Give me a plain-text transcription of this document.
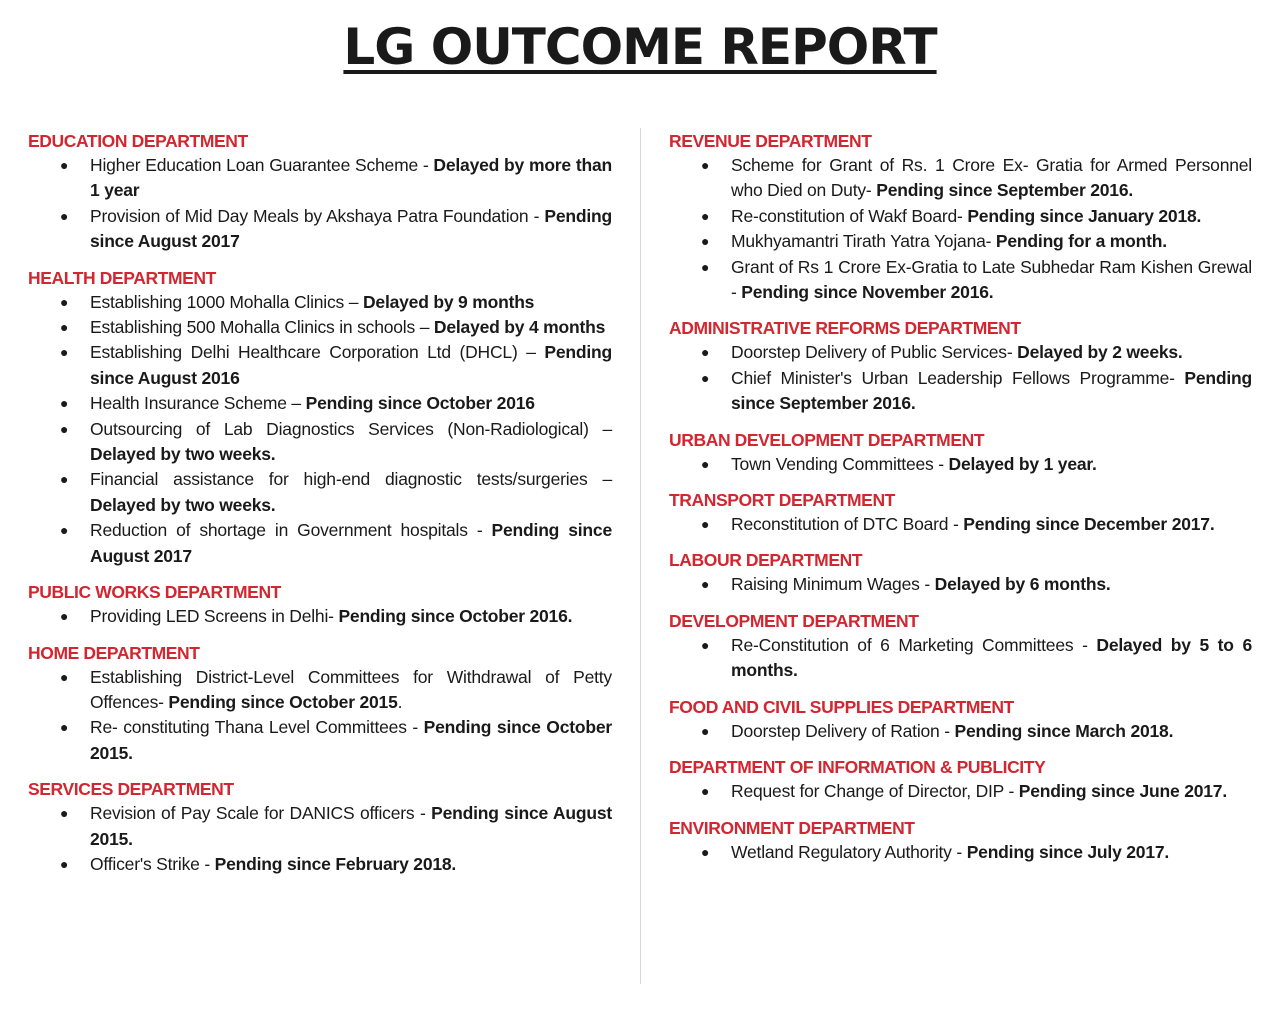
LG OUTCOME REPORT
EDUCATION DEPARTMENT
● Higher Education Loan Guarantee Scheme - Delayed by more than 1 year
● Provision of Mid Day Meals by Akshaya Patra Foundation - Pending since August 2017
HEALTH DEPARTMENT
● Establishing 1000 Mohalla Clinics – Delayed by 9 months
● Establishing 500 Mohalla Clinics in schools – Delayed by 4 months
● Establishing Delhi Healthcare Corporation Ltd (DHCL) – Pending since August 2016
● Health Insurance Scheme – Pending since October 2016
● Outsourcing of Lab Diagnostics Services (Non-Radiological) – Delayed by two weeks.
● Financial assistance for high-end diagnostic tests/surgeries – Delayed by two weeks.
● Reduction of shortage in Government hospitals - Pending since August 2017
PUBLIC WORKS DEPARTMENT
● Providing LED Screens in Delhi- Pending since October 2016.
HOME DEPARTMENT
● Establishing District-Level Committees for Withdrawal of Petty Offences- Pending since October 2015.
● Re- constituting Thana Level Committees - Pending since October 2015.
SERVICES DEPARTMENT
● Revision of Pay Scale for DANICS officers - Pending since August 2015.
● Officer's Strike - Pending since February 2018.
REVENUE DEPARTMENT
● Scheme for Grant of Rs. 1 Crore Ex- Gratia for Armed Personnel who Died on Duty- Pending since September 2016.
● Re-constitution of Wakf Board- Pending since January 2018.
● Mukhyamantri Tirath Yatra Yojana- Pending for a month.
● Grant of Rs 1 Crore Ex-Gratia to Late Subhedar Ram Kishen Grewal - Pending since November 2016.
ADMINISTRATIVE REFORMS DEPARTMENT
● Doorstep Delivery of Public Services- Delayed by 2 weeks.
● Chief Minister's Urban Leadership Fellows Programme- Pending since September 2016.
URBAN DEVELOPMENT DEPARTMENT
● Town Vending Committees - Delayed by 1 year.
TRANSPORT DEPARTMENT
● Reconstitution of DTC Board - Pending since December 2017.
LABOUR DEPARTMENT
● Raising Minimum Wages - Delayed by 6 months.
DEVELOPMENT DEPARTMENT
● Re-Constitution of 6 Marketing Committees - Delayed by 5 to 6 months.
FOOD AND CIVIL SUPPLIES DEPARTMENT
● Doorstep Delivery of Ration - Pending since March 2018.
DEPARTMENT OF INFORMATION & PUBLICITY
● Request for Change of Director, DIP - Pending since June 2017.
ENVIRONMENT DEPARTMENT
● Wetland Regulatory Authority - Pending since July 2017.
